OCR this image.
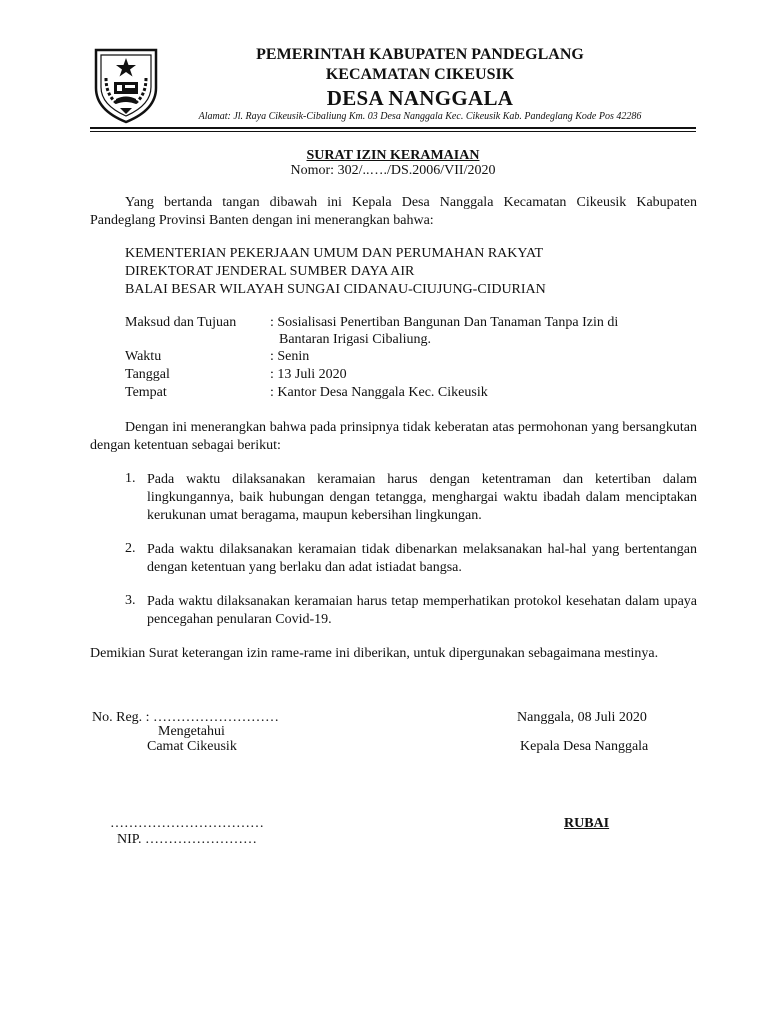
PEMERINTAH KABUPATEN PANDEGLANG
KECAMATAN CIKEUSIK
DESA NANGGALA
Alamat: Jl. Raya Cikeusik-Cibaliung Km. 03 Desa Nanggala Kec. Cikeusik Kab. Pandeglang Kode Pos 42286
SURAT IZIN KERAMAIAN
Nomor: 302/..…./DS.2006/VII/2020
Yang bertanda tangan dibawah ini Kepala Desa Nanggala Kecamatan Cikeusik Kabupaten Pandeglang Provinsi Banten dengan ini menerangkan bahwa:
KEMENTERIAN PEKERJAAN UMUM DAN PERUMAHAN RAKYAT
DIREKTORAT JENDERAL SUMBER DAYA AIR
BALAI BESAR WILAYAH SUNGAI CIDANAU-CIUJUNG-CIDURIAN
Maksud dan Tujuan : Sosialisasi Penertiban Bangunan Dan Tanaman Tanpa Izin di
Bantaran Irigasi Cibaliung.
Waktu	: Senin
Tanggal	: 13 Juli 2020
Tempat	: Kantor Desa Nanggala Kec. Cikeusik
Dengan ini menerangkan bahwa pada prinsipnya tidak keberatan atas permohonan yang bersangkutan dengan ketentuan sebagai berikut:
1. Pada waktu dilaksanakan keramaian harus dengan ketentraman dan ketertiban dalam lingkungannya, baik hubungan dengan tetangga, menghargai waktu ibadah dalam menciptakan kerukunan umat beragama, maupun kebersihan lingkungan.
2. Pada waktu dilaksanakan keramaian tidak dibenarkan melaksanakan hal-hal yang bertentangan dengan ketentuan yang berlaku dan adat istiadat bangsa.
3. Pada waktu dilaksanakan keramaian harus tetap memperhatikan protokol kesehatan dalam upaya pencegahan penularan Covid-19.
Demikian Surat keterangan izin rame-rame ini diberikan, untuk dipergunakan sebagaimana mestinya.
No. Reg. : ………………………
Mengetahui
Camat Cikeusik
……………………………
NIP. ……………………
Nanggala, 08 Juli 2020
Kepala Desa Nanggala
RUBAI
